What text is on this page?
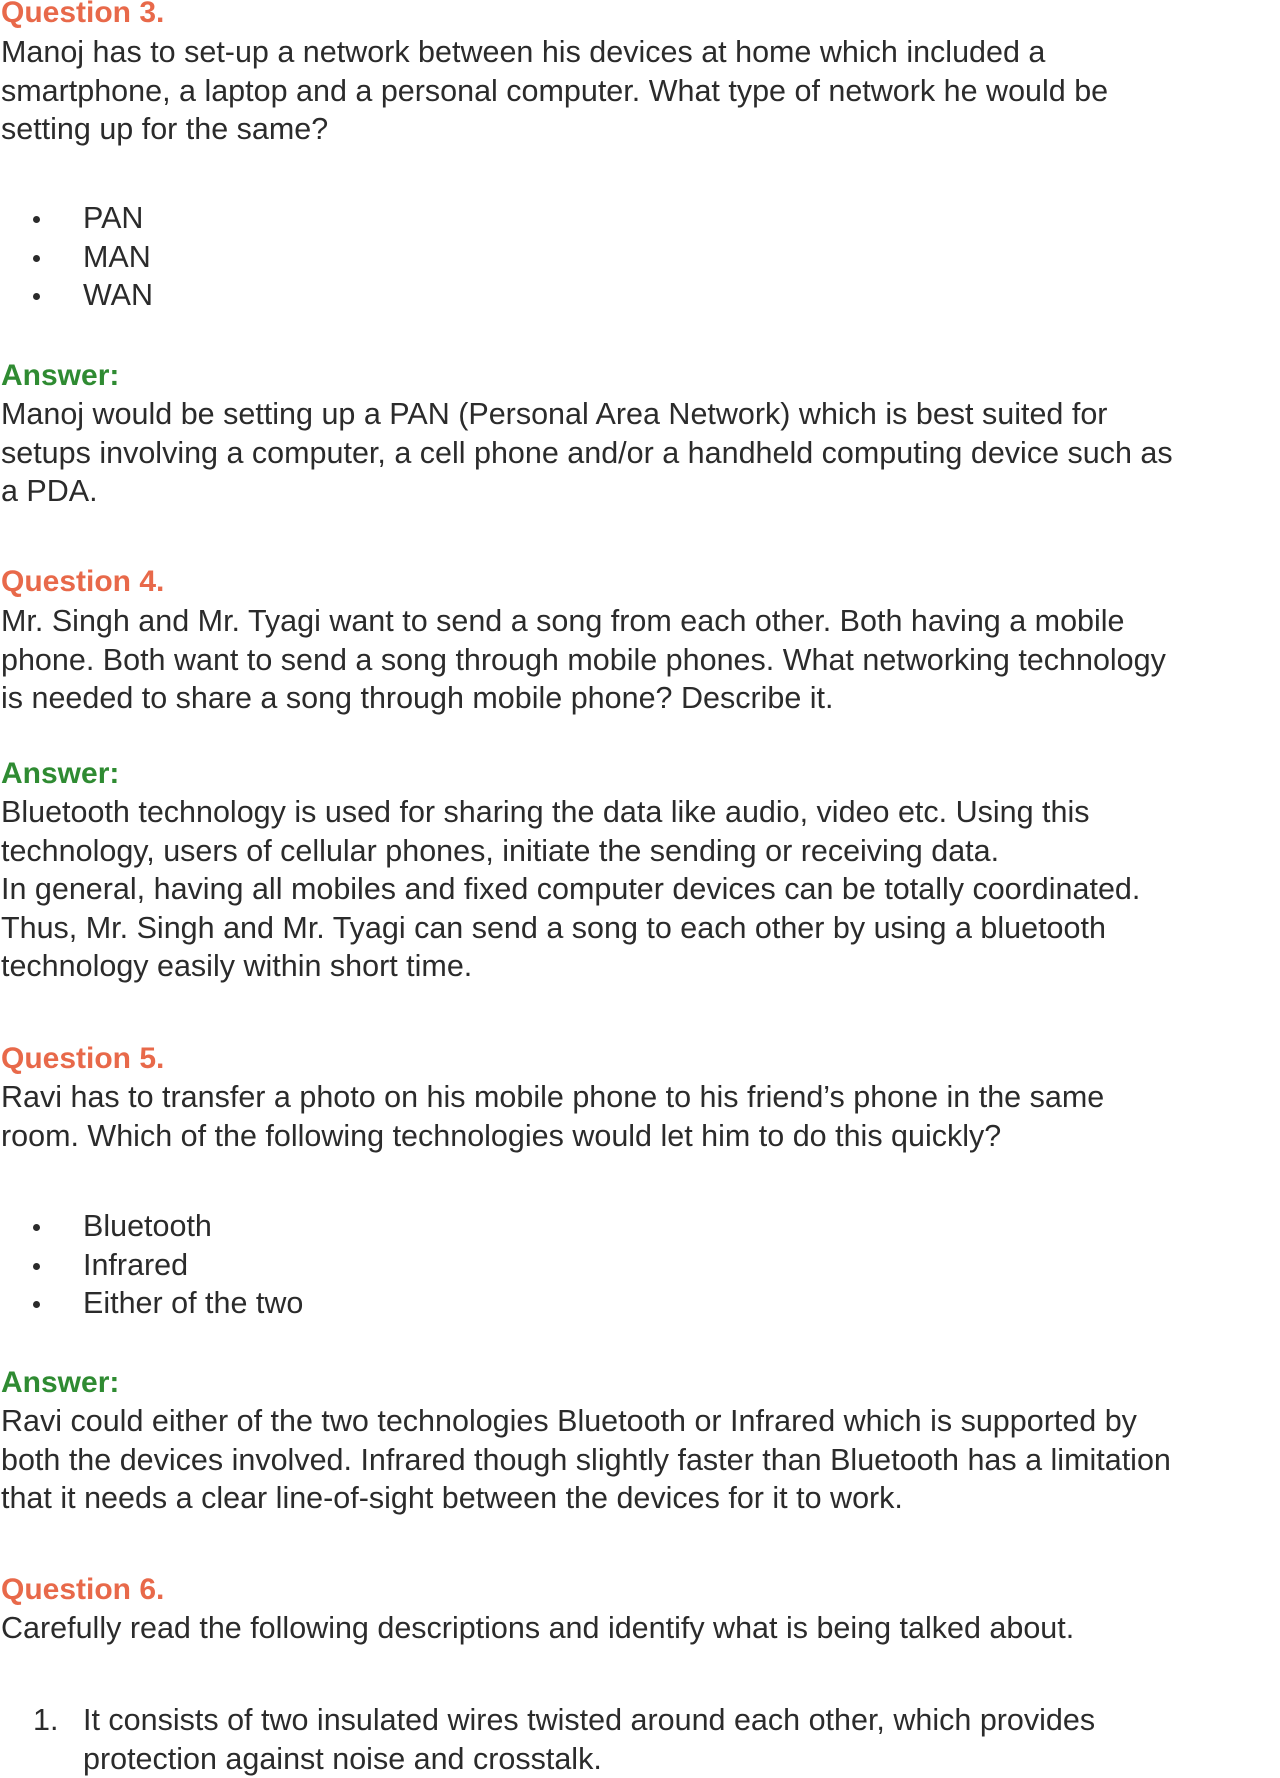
Question 3.
Manoj has to set-up a network between his devices at home which included a
smartphone, a laptop and a personal computer. What type of network he would be
setting up for the same?
PAN
MAN
WAN
Answer:
Manoj would be setting up a PAN (Personal Area Network) which is best suited for
setups involving a computer, a cell phone and/or a handheld computing device such as
a PDA.
Question 4.
Mr. Singh and Mr. Tyagi want to send a song from each other. Both having a mobile
phone. Both want to send a song through mobile phones. What networking technology
is needed to share a song through mobile phone? Describe it.
Answer:
Bluetooth technology is used for sharing the data like audio, video etc. Using this
technology, users of cellular phones, initiate the sending or receiving data.
In general, having all mobiles and fixed computer devices can be totally coordinated.
Thus, Mr. Singh and Mr. Tyagi can send a song to each other by using a bluetooth
technology easily within short time.
Question 5.
Ravi has to transfer a photo on his mobile phone to his friend’s phone in the same
room. Which of the following technologies would let him to do this quickly?
Bluetooth
Infrared
Either of the two
Answer:
Ravi could either of the two technologies Bluetooth or Infrared which is supported by
both the devices involved. Infrared though slightly faster than Bluetooth has a limitation
that it needs a clear line-of-sight between the devices for it to work.
Question 6.
Carefully read the following descriptions and identify what is being talked about.
1. It consists of two insulated wires twisted around each other, which provides
protection against noise and crosstalk.
